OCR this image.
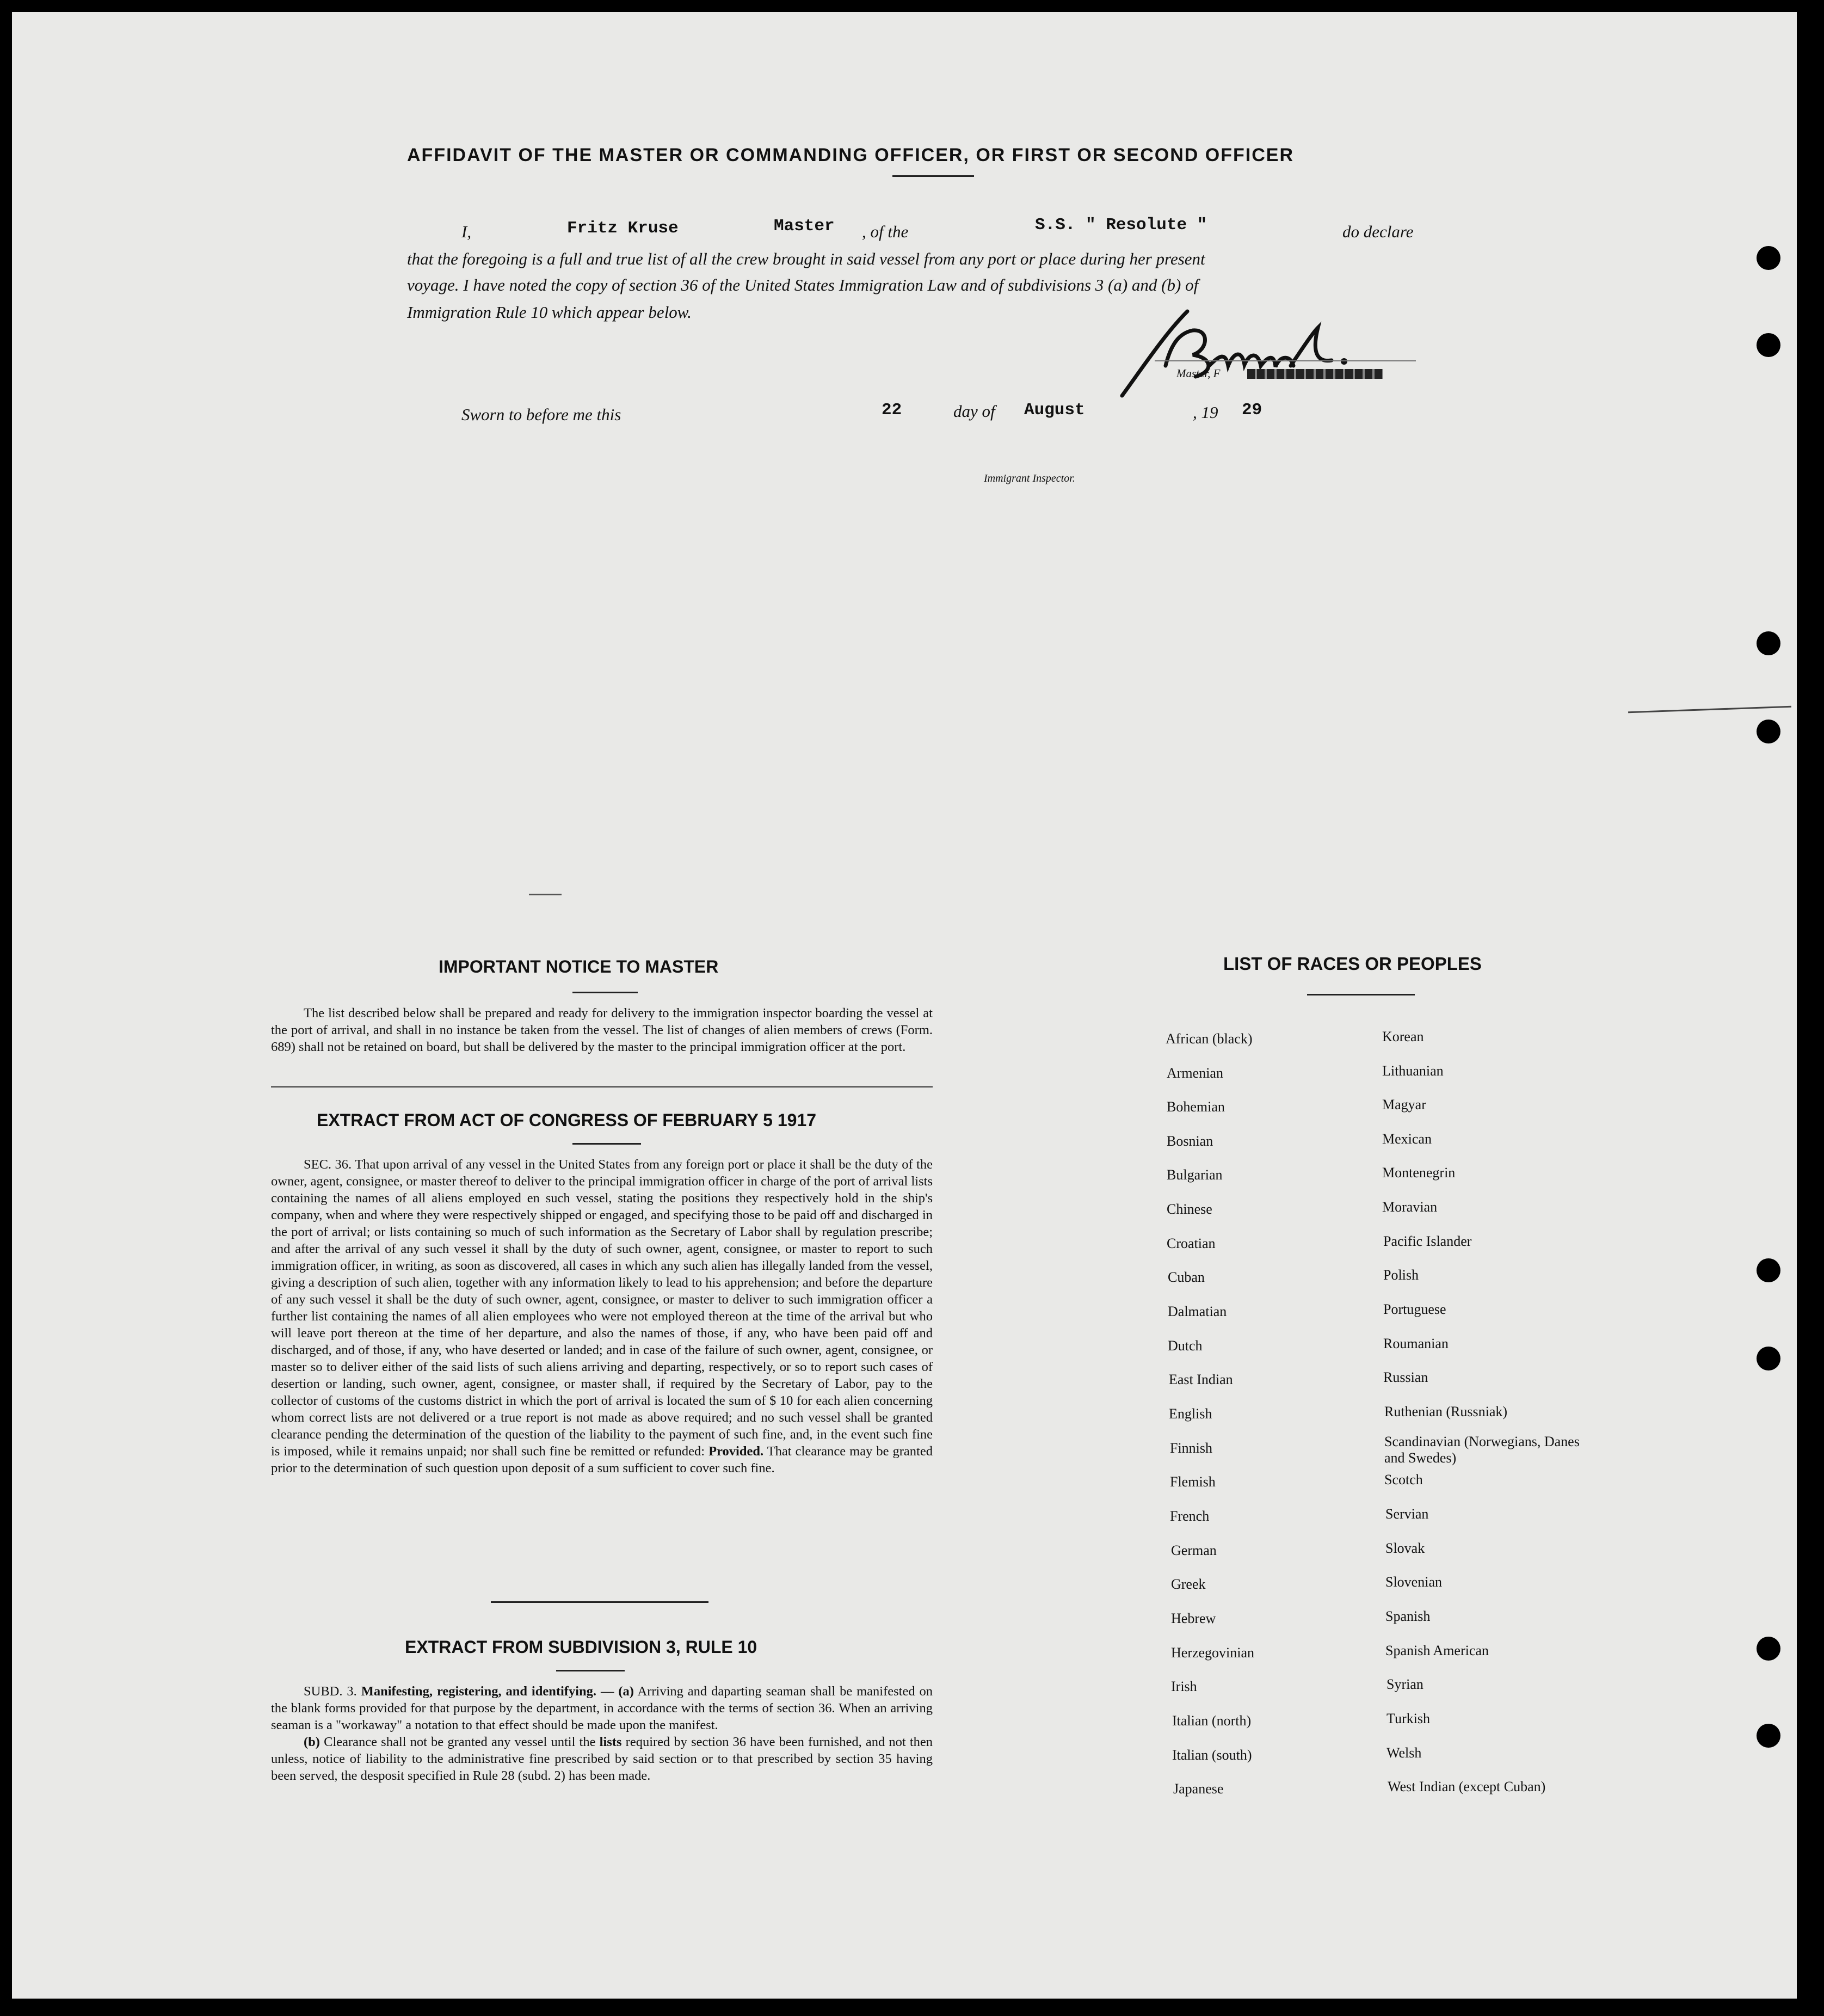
AFFIDAVIT OF THE MASTER OR COMMANDING OFFICER, OR FIRST OR SECOND OFFICER
I,	Fritz Kruse	Master , of the	S.S. " Resolute "	do declare
that the foregoing is a full and true list of all the crew brought in said vessel from any port or place during her present
voyage. I have noted the copy of section 36 of the United States Immigration Law and of subdivisions 3 (a) and (b) of
Immigration Rule 10 which appear below.
Master, F
Sworn to before me this	22	day of August	, 19 29
Immigrant Inspector.
IMPORTANT NOTICE TO MASTER

The list described below shall be prepared and ready for delivery to the immigration inspector boarding the vessel at the port of arrival, and shall in no instance be taken from the vessel. The list of changes of alien members of crews (Form. 689) shall not be retained on board, but shall be delivered by the master to the principal immigration officer at the port.

EXTRACT FROM ACT OF CONGRESS OF FEBRUARY 5 1917

SEC. 36. That upon arrival of any vessel in the United States from any foreign port or place it shall be the duty of the owner, agent, consignee, or master thereof to deliver to the principal immigration officer in charge of the port of arrival lists containing the names of all aliens employed en such vessel, stating the positions they respectively hold in the ship's company, when and where they were respectively shipped or engaged, and specifying those to be paid off and discharged in the port of arrival; or lists containing so much of such information as the Secretary of Labor shall by regulation prescribe; and after the arrival of any such vessel it shall by the duty of such owner, agent, consignee, or master to report to such immigration officer, in writing, as soon as discovered, all cases in which any such alien has illegally landed from the vessel, giving a description of such alien, together with any information likely to lead to his apprehension; and before the departure of any such vessel it shall be the duty of such owner, agent, consignee, or master to deliver to such immigration officer a further list containing the names of all alien employees who were not employed thereon at the time of the arrival but who will leave port thereon at the time of her departure, and also the names of those, if any, who have been paid off and discharged, and of those, if any, who have deserted or landed; and in case of the failure of such owner, agent, consignee, or master so to deliver either of the said lists of such aliens arriving and departing, respectively, or so to report such cases of desertion or landing, such owner, agent, consignee, or master shall, if required by the Secretary of Labor, pay to the collector of customs of the customs district in which the port of arrival is located the sum of $ 10 for each alien concerning whom correct lists are not delivered or a true report is not made as above required; and no such vessel shall be granted clearance pending the determination of the question of the liability to the payment of such fine, and, in the event such fine is imposed, while it remains unpaid; nor shall such fine be remitted or refunded: Provided. That clearance may be granted prior to the determination of such question upon deposit of a sum sufficient to cover such fine.

EXTRACT FROM SUBDIVISION 3, RULE 10

SUBD. 3. Manifesting, registering, and identifying. — (a) Arriving and daparting seaman shall be manifested on the blank forms provided for that purpose by the department, in accordance with the terms of section 36. When an arriving seaman is a "workaway" a notation to that effect should be made upon the manifest.

(b) Clearance shall not be granted any vessel until the lists required by section 36 have been furnished, and not then unless, notice of liability to the administrative fine prescribed by said section or to that prescribed by section 35 having been served, the desposit specified in Rule 28 (subd. 2) has been made.

LIST OF RACES OR PEOPLES
African (black)
Armenian
Bohemian
Bosnian
Bulgarian
Chinese
Croatian
Cuban
Dalmatian
Dutch
East Indian
English
Finnish
Flemish
French
German
Greek
Hebrew
Herzegovinian
Irish
Italian (north)
Italian (south)
Japanese
Korean
Lithuanian
Magyar
Mexican
Montenegrin
Moravian
Pacific Islander
Polish
Portuguese
Roumanian
Russian
Ruthenian (Russniak)
Scandinavian (Norwegians, Danes and Swedes)
Scotch
Servian
Slovak
Slovenian
Spanish
Spanish American
Syrian
Turkish
Welsh
West Indian (except Cuban)
